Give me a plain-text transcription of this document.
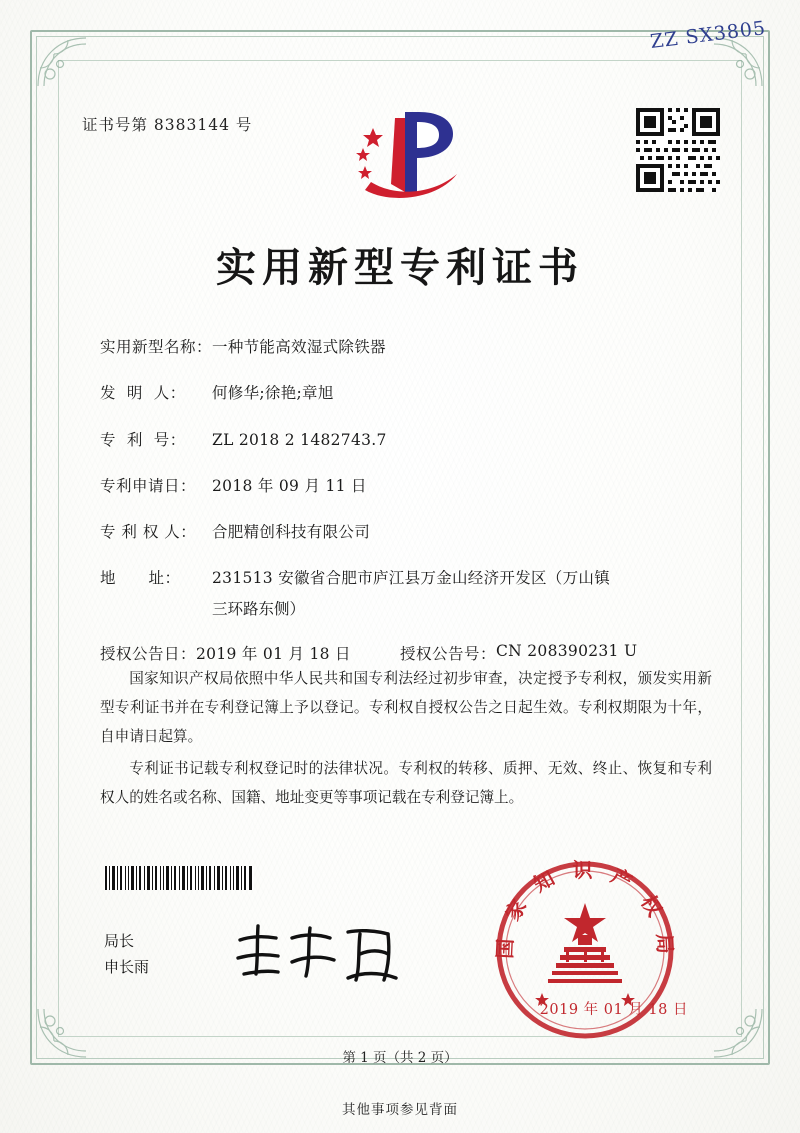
ZZ SX3805
证书号第 8383144 号
实用新型专利证书
实用新型名称： 一种节能高效湿式除铁器
发  明  人：	何修华;徐艳;章旭
专  利  号：	ZL 2018 2 1482743.7
专利申请日：	2018 年 09 月 11 日
专 利 权 人：	合肥精创科技有限公司
地      址：	231513 安徽省合肥市庐江县万金山经济开发区（万山镇
三环路东侧）
授权公告日： 2019 年 01 月 18 日	授权公告号： CN 208390231 U

国家知识产权局依照中华人民共和国专利法经过初步审查，决定授予专利权，颁发实用新型专利证书并在专利登记簿上予以登记。专利权自授权公告之日起生效。专利权期限为十年，自申请日起算。

专利证书记载专利权登记时的法律状况。专利权的转移、质押、无效、终止、恢复和专利权人的姓名或名称、国籍、地址变更等事项记载在专利登记簿上。

局长
申长雨
国 家 知 识 产 权 局
2019 年 01 月 18 日
第 1 页（共 2 页）
其他事项参见背面
